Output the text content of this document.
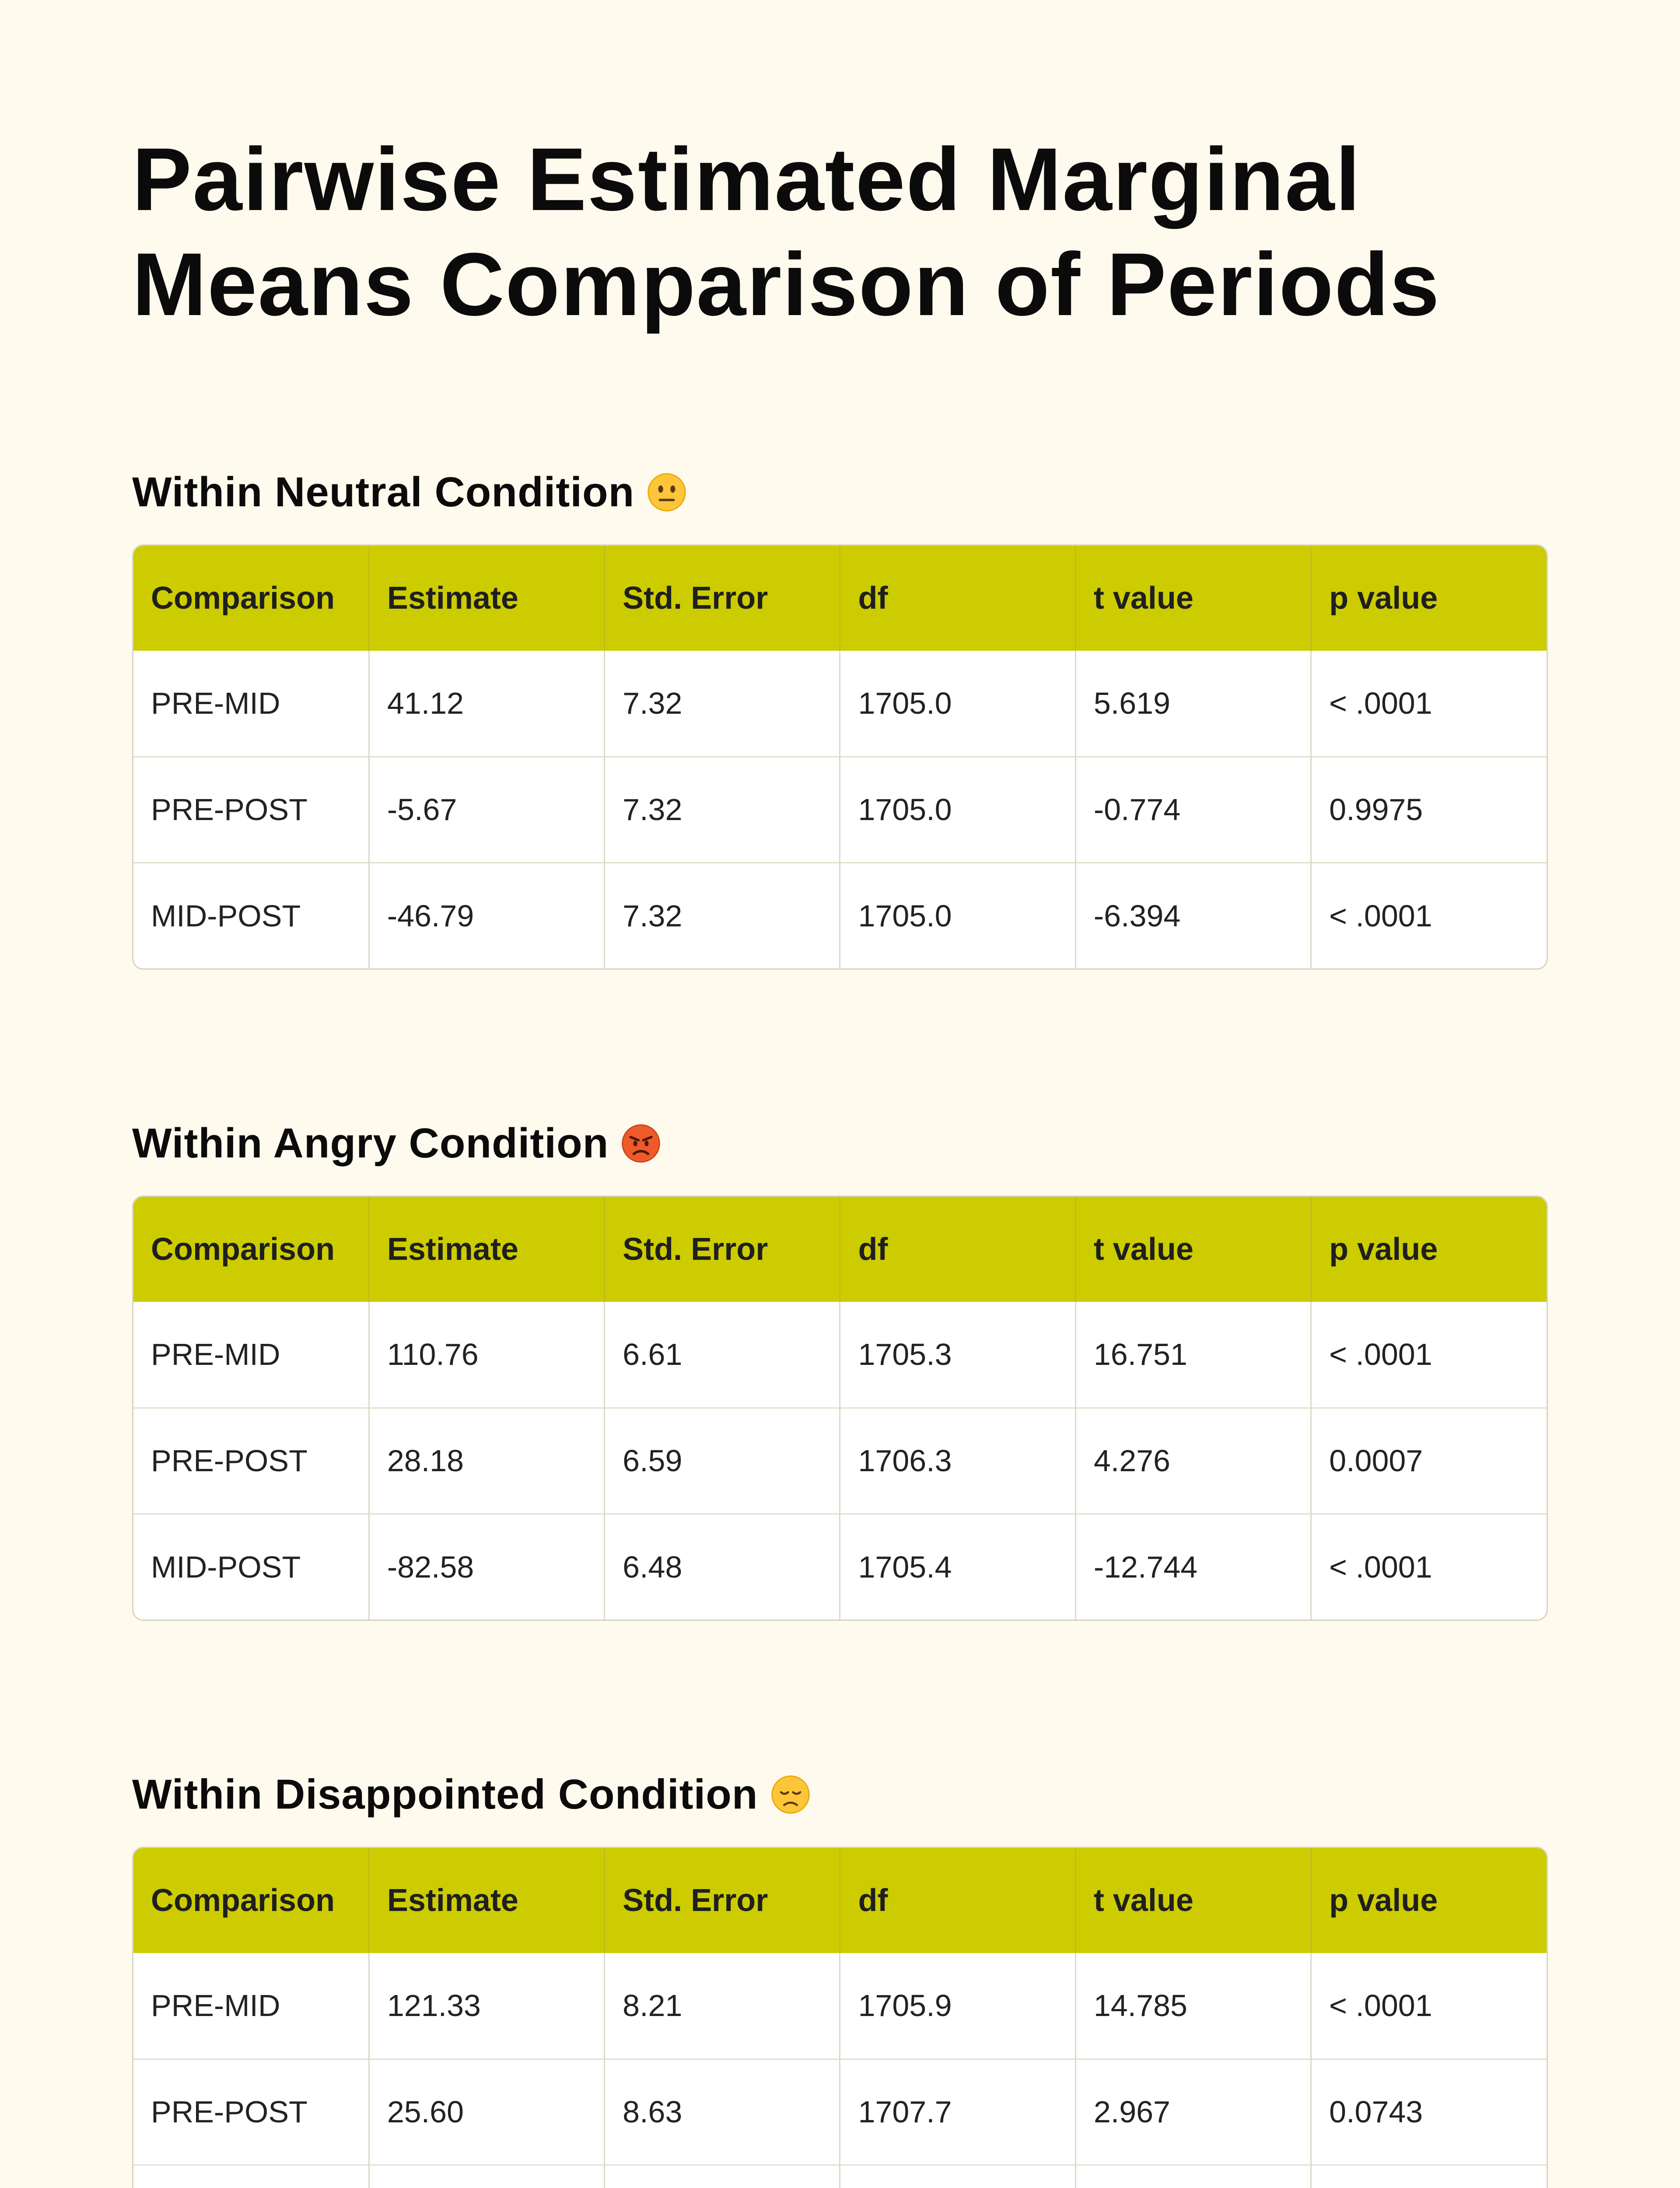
Pairwise Estimated Marginal Means Comparison of Periods
Within Neutral Condition
Comparison	Estimate	Std. Error	df	t value	p value
PRE-MID	41.12	7.32	1705.0	5.619	< .0001
PRE-POST	-5.67	7.32	1705.0	-0.774	0.9975
MID-POST	-46.79	7.32	1705.0	-6.394	< .0001
Within Angry Condition
Comparison	Estimate	Std. Error	df	t value	p value
PRE-MID	110.76	6.61	1705.3	16.751	< .0001
PRE-POST	28.18	6.59	1706.3	4.276	0.0007
MID-POST	-82.58	6.48	1705.4	-12.744	< .0001
Within Disappointed Condition
Comparison	Estimate	Std. Error	df	t value	p value
PRE-MID	121.33	8.21	1705.9	14.785	< .0001
PRE-POST	25.60	8.63	1707.7	2.967	0.0743
